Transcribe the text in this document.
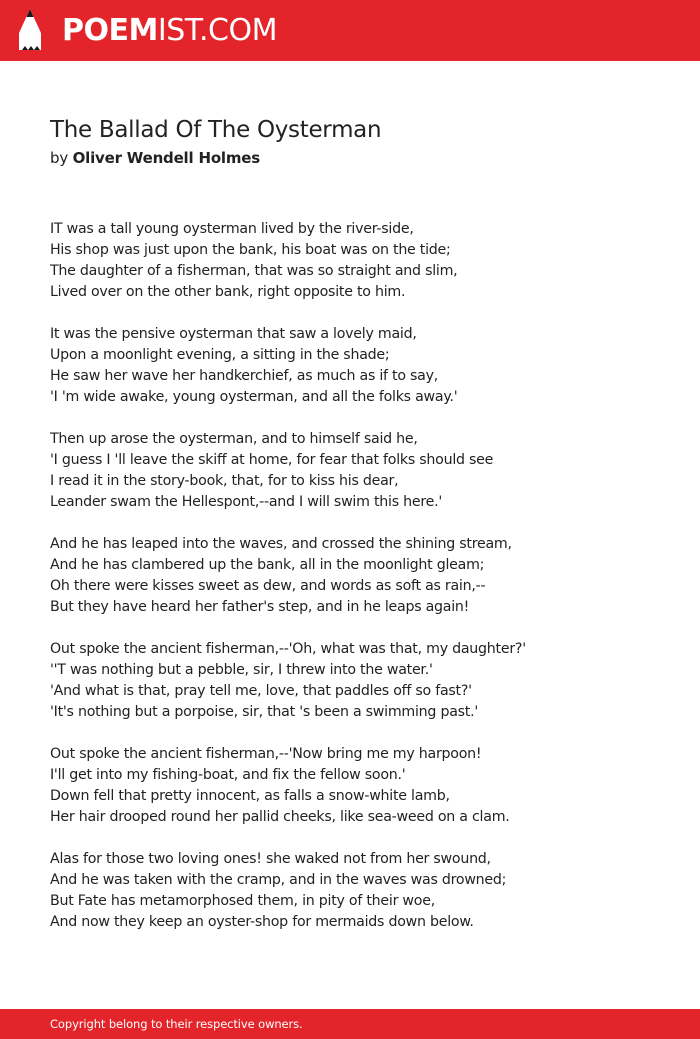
POEMIST.COM
The Ballad Of The Oysterman
by Oliver Wendell Holmes
IT was a tall young oysterman lived by the river-side,
His shop was just upon the bank, his boat was on the tide;
The daughter of a fisherman, that was so straight and slim,
Lived over on the other bank, right opposite to him.
It was the pensive oysterman that saw a lovely maid,
Upon a moonlight evening, a sitting in the shade;
He saw her wave her handkerchief, as much as if to say,
'I 'm wide awake, young oysterman, and all the folks away.'
Then up arose the oysterman, and to himself said he,
'I guess I 'll leave the skiff at home, for fear that folks should see
I read it in the story-book, that, for to kiss his dear,
Leander swam the Hellespont,--and I will swim this here.'
And he has leaped into the waves, and crossed the shining stream,
And he has clambered up the bank, all in the moonlight gleam;
Oh there were kisses sweet as dew, and words as soft as rain,--
But they have heard her father's step, and in he leaps again!
Out spoke the ancient fisherman,--'Oh, what was that, my daughter?'
''T was nothing but a pebble, sir, I threw into the water.'
'And what is that, pray tell me, love, that paddles off so fast?'
'It's nothing but a porpoise, sir, that 's been a swimming past.'
Out spoke the ancient fisherman,--'Now bring me my harpoon!
I'll get into my fishing-boat, and fix the fellow soon.'
Down fell that pretty innocent, as falls a snow-white lamb,
Her hair drooped round her pallid cheeks, like sea-weed on a clam.
Alas for those two loving ones! she waked not from her swound,
And he was taken with the cramp, and in the waves was drowned;
But Fate has metamorphosed them, in pity of their woe,
And now they keep an oyster-shop for mermaids down below.
Copyright belong to their respective owners.
